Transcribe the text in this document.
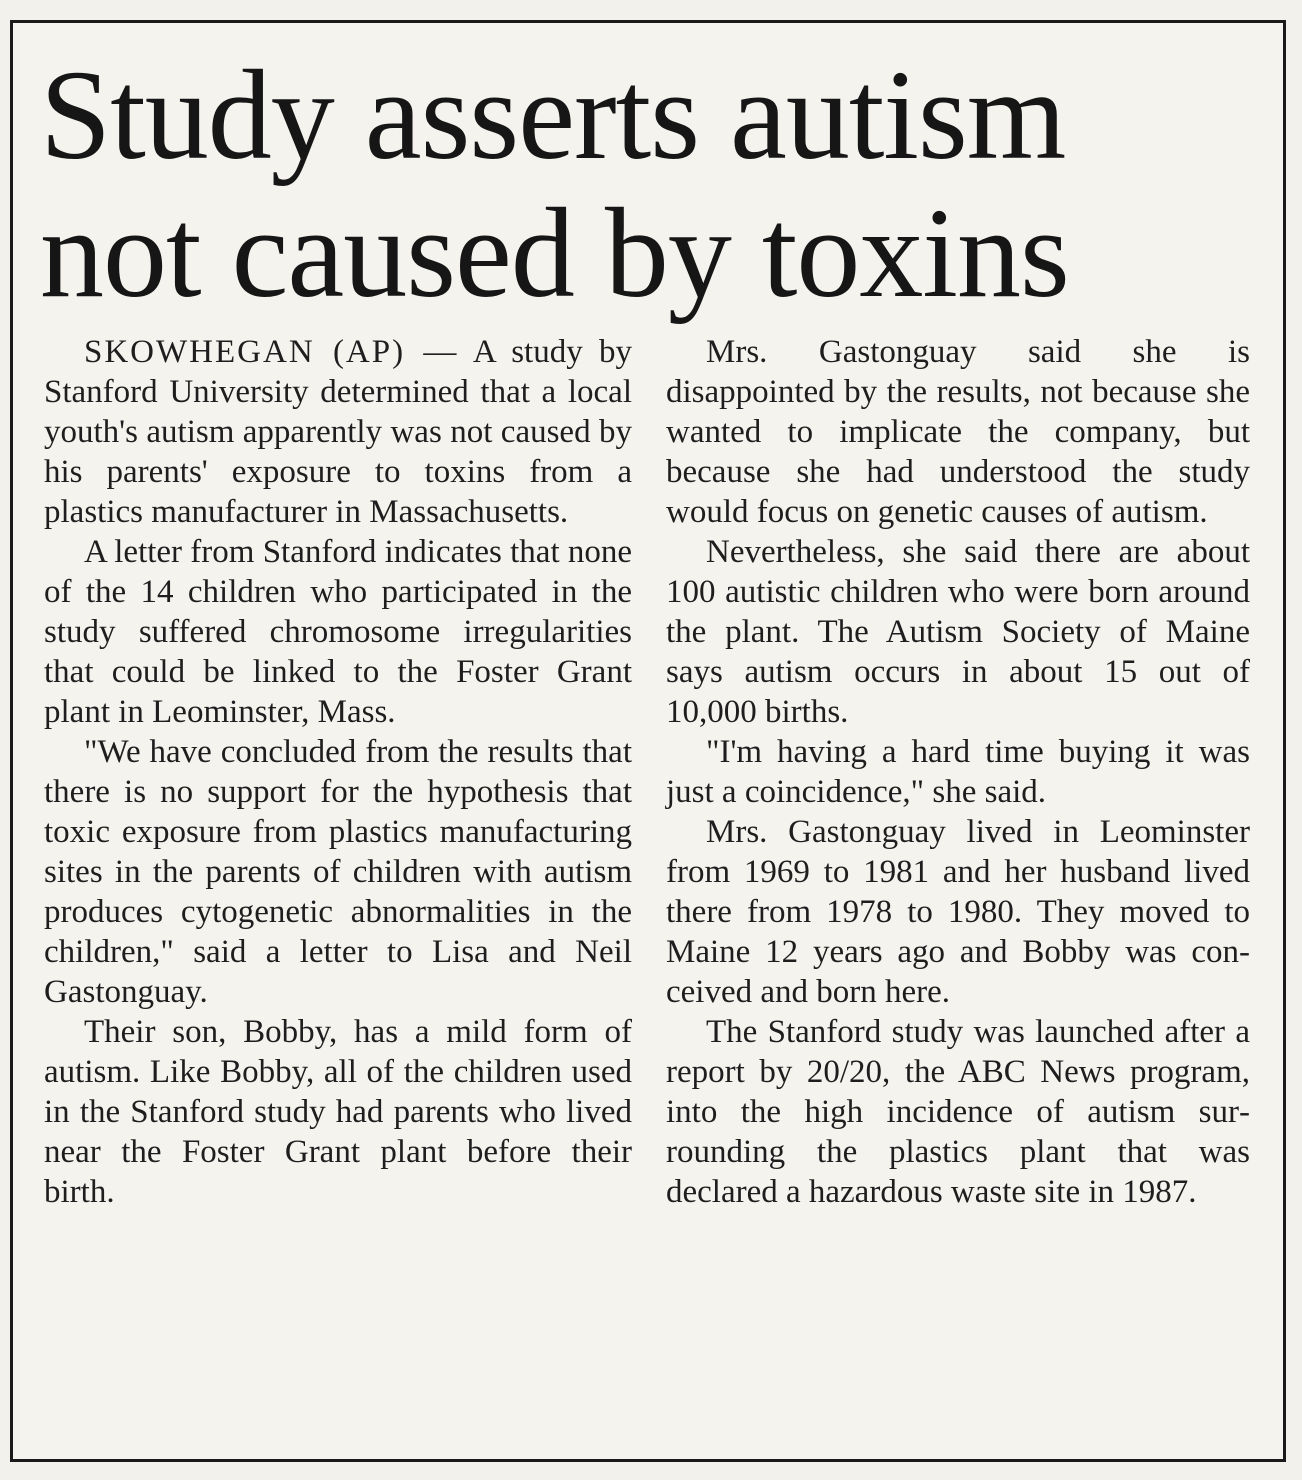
Study asserts autism
not caused by toxins

SKOWHEGAN (AP) — A study by Stanford University determined that a local youth's autism apparently was not caused by his parents' exposure to toxins from a plastics manufacturer in Massachusetts.

A letter from Stanford indicates that none of the 14 children who participated in the study suffered chromosome irregularities that could be linked to the Foster Grant plant in Leominster, Mass.

"We have concluded from the results that there is no support for the hypothesis that toxic exposure from plastics manufacturing sites in the parents of children with autism produces cytogenetic abnormalities in the children," said a letter to Lisa and Neil Gastonguay.

Their son, Bobby, has a mild form of autism. Like Bobby, all of the children used in the Stanford study had parents who lived near the Foster Grant plant before their birth.

Mrs. Gastonguay said she is disappointed by the results, not because she wanted to implicate the company, but because she had understood the study would focus on genetic causes of autism.

Nevertheless, she said there are about 100 autistic children who were born around the plant. The Autism Society of Maine says autism occurs in about 15 out of 10,000 births.

"I'm having a hard time buying it was just a coincidence," she said.

Mrs. Gastonguay lived in Leominster from 1969 to 1981 and her husband lived there from 1978 to 1980. They moved to Maine 12 years ago and Bobby was conceived and born here.

The Stanford study was launched after a report by 20/20, the ABC News program, into the high incidence of autism surrounding the plastics plant that was declared a hazardous waste site in 1987.
